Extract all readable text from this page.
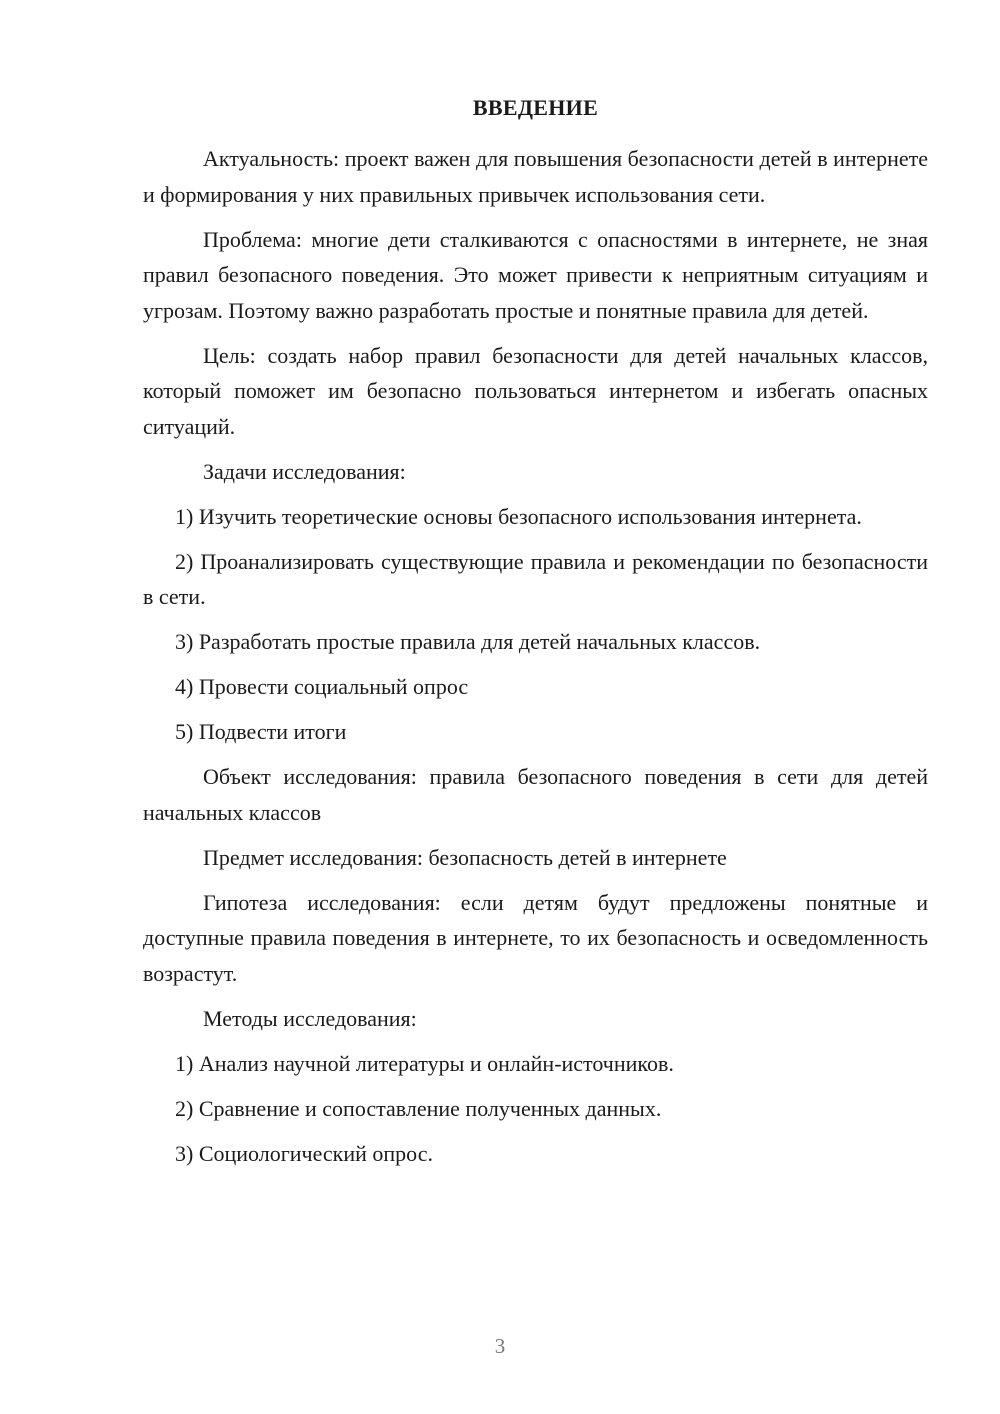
ВВЕДЕНИЕ

Актуальность: проект важен для повышения безопасности детей в интернете и формирования у них правильных привычек использования сети.

Проблема: многие дети сталкиваются с опасностями в интернете, не зная правил безопасного поведения. Это может привести к неприятным ситуациям и угрозам. Поэтому важно разработать простые и понятные правила для детей.

Цель: создать набор правил безопасности для детей начальных классов, который поможет им безопасно пользоваться интернетом и избегать опасных ситуаций.

Задачи исследования:

1) Изучить теоретические основы безопасного использования интернета.

2) Проанализировать существующие правила и рекомендации по безопасности в сети.

3) Разработать простые правила для детей начальных классов.

4) Провести социальный опрос

5) Подвести итоги

Объект исследования: правила безопасного поведения в сети для детей начальных классов

Предмет исследования: безопасность детей в интернете

Гипотеза исследования: если детям будут предложены понятные и доступные правила поведения в интернете, то их безопасность и осведомленность возрастут.

Методы исследования:

1) Анализ научной литературы и онлайн-источников.

2) Сравнение и сопоставление полученных данных.

3) Социологический опрос.

3
